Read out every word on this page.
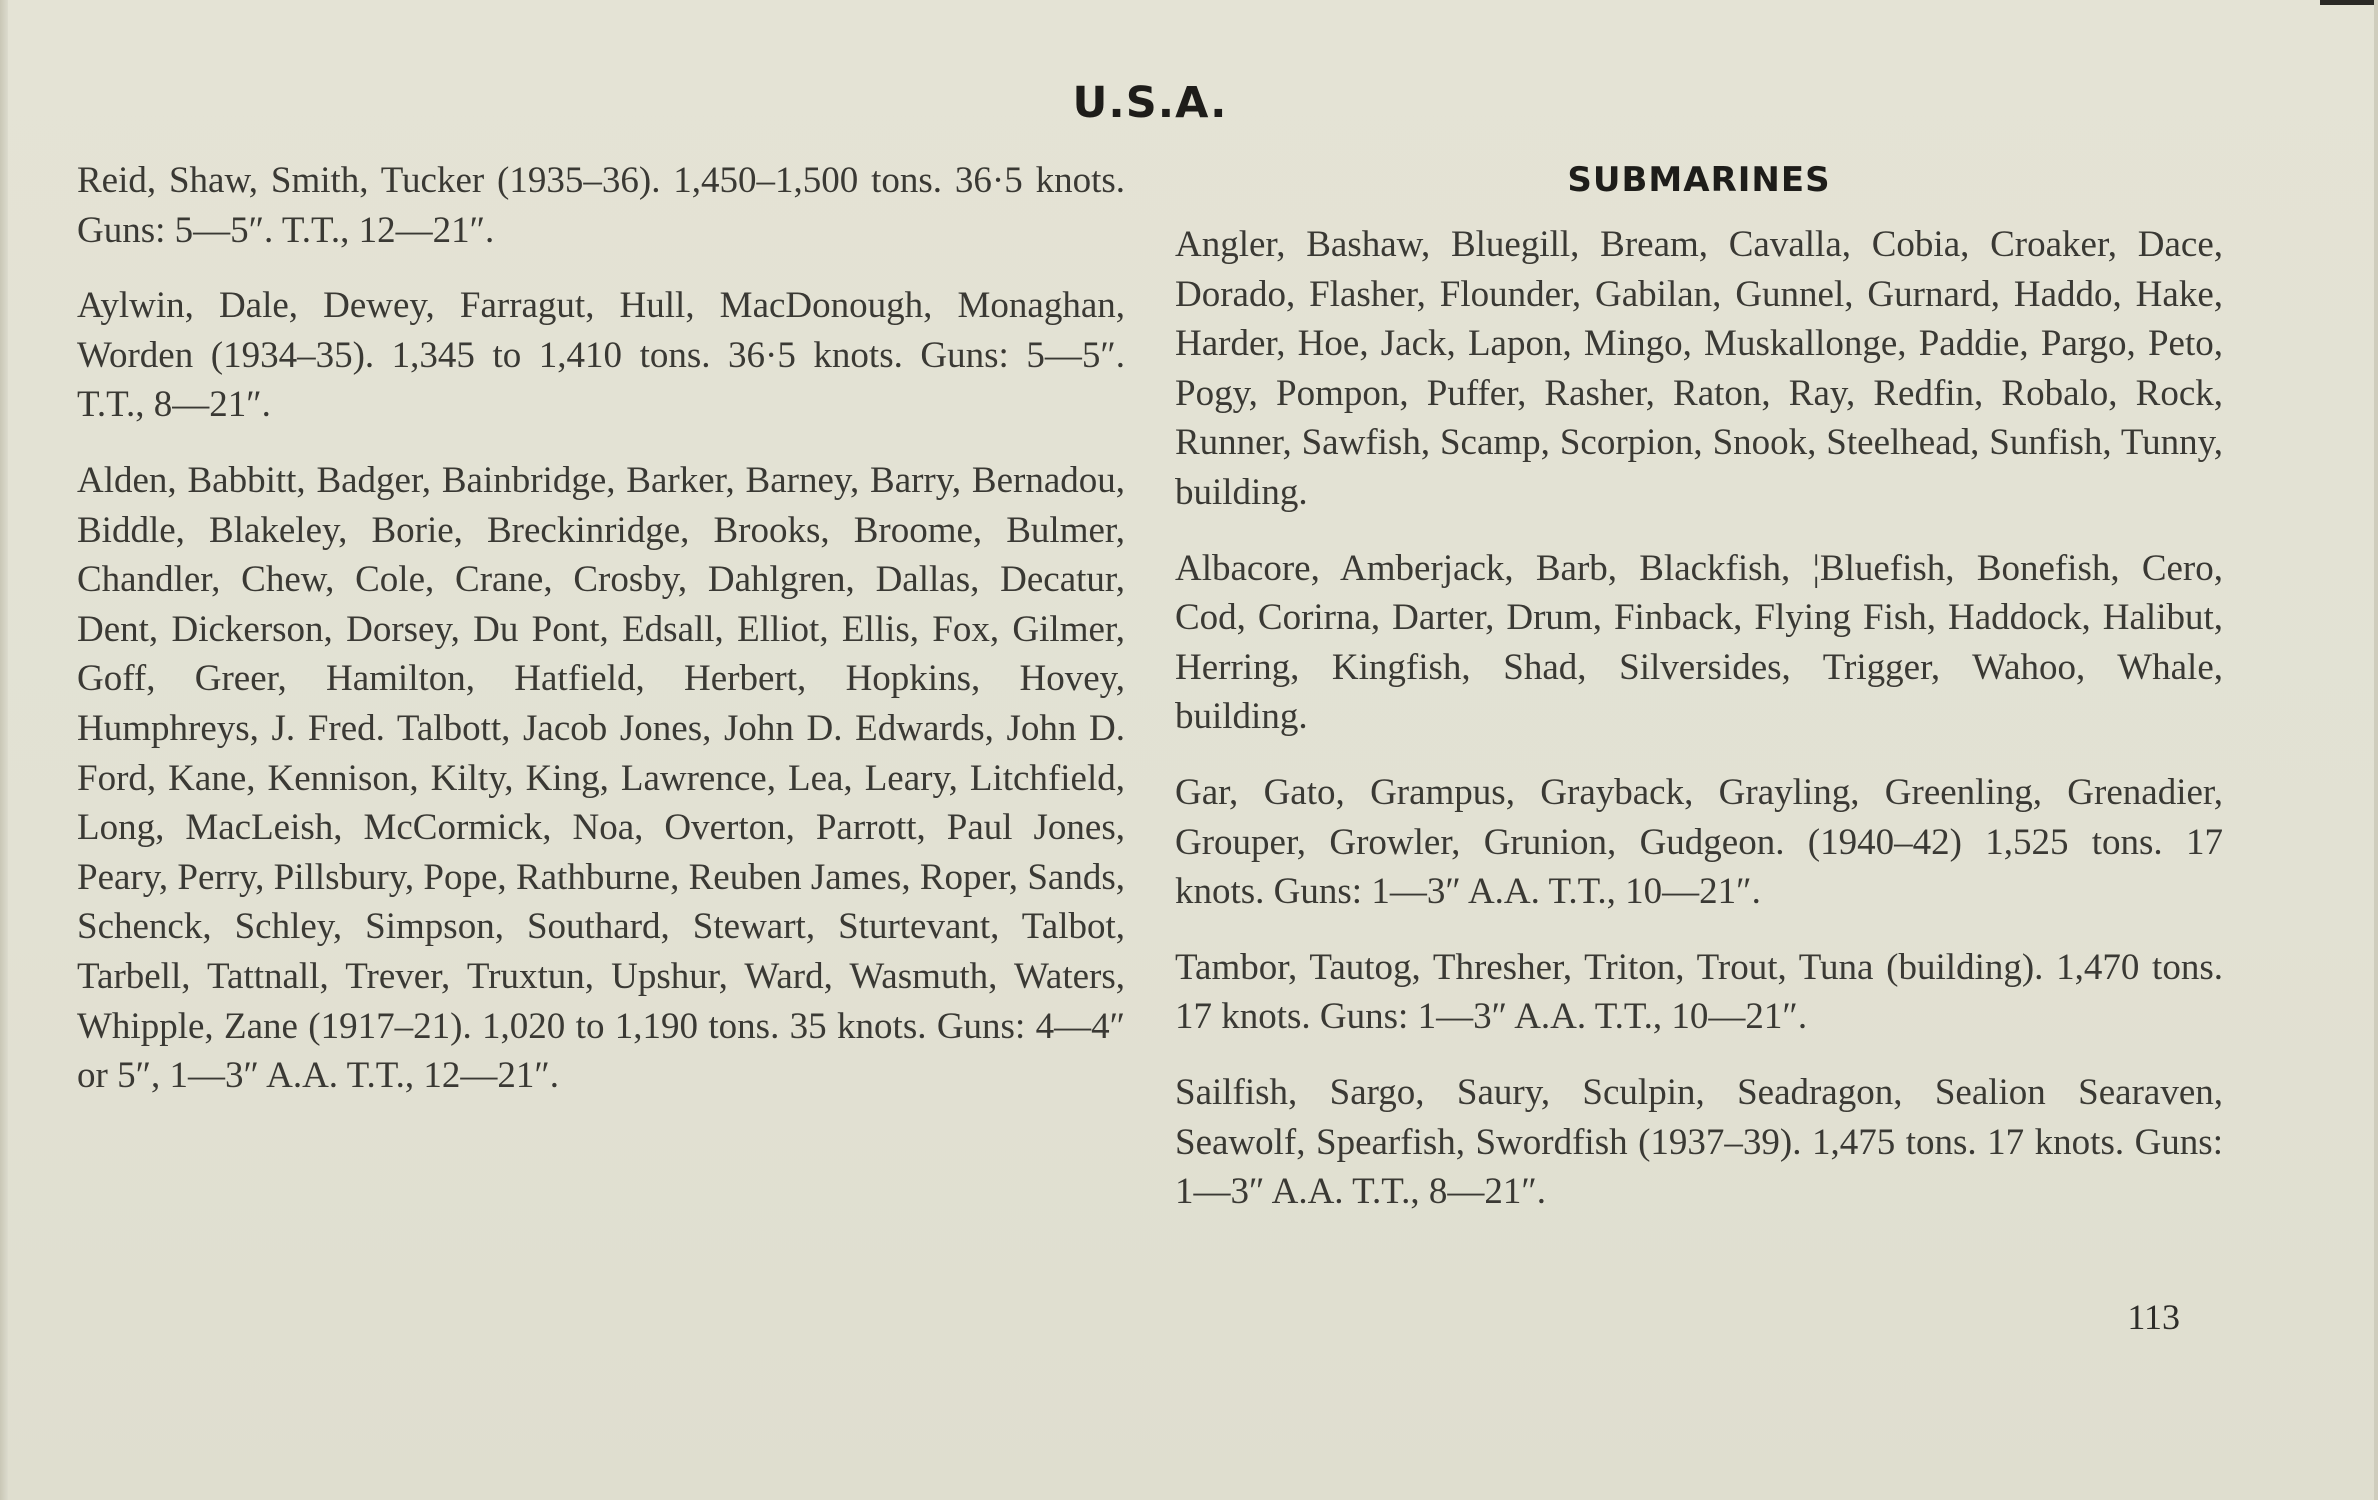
U.S.A.

Reid, Shaw, Smith, Tucker (1935–36). 1,450–1,500 tons. 36·5 knots. Guns: 5—5″. T.T., 12—21″.

Aylwin, Dale, Dewey, Farragut, Hull, MacDonough, Monaghan, Worden (1934–35). 1,345 to 1,410 tons. 36·5 knots. Guns: 5—5″. T.T., 8—21″.

Alden, Babbitt, Badger, Bainbridge, Barker, Barney, Barry, Bernadou, Biddle, Blakeley, Borie, Breckinridge, Brooks, Broome, Bulmer, Chandler, Chew, Cole, Crane, Crosby, Dahlgren, Dallas, Decatur, Dent, Dickerson, Dorsey, Du Pont, Edsall, Elliot, Ellis, Fox, Gilmer, Goff, Greer, Hamilton, Hatfield, Herbert, Hopkins, Hovey, Humphreys, J. Fred. Talbott, Jacob Jones, John D. Edwards, John D. Ford, Kane, Kennison, Kilty, King, Lawrence, Lea, Leary, Litchfield, Long, MacLeish, McCormick, Noa, Overton, Parrott, Paul Jones, Peary, Perry, Pillsbury, Pope, Rathburne, Reuben James, Roper, Sands, Schenck, Schley, Simpson, Southard, Stewart, Sturtevant, Talbot, Tarbell, Tattnall, Trever, Truxtun, Upshur, Ward, Wasmuth, Waters, Whipple, Zane (1917–21). 1,020 to 1,190 tons. 35 knots. Guns: 4—4″ or 5″, 1—3″ A.A. T.T., 12—21″.

SUBMARINES

Angler, Bashaw, Bluegill, Bream, Cavalla, Cobia, Croaker, Dace, Dorado, Flasher, Flounder, Gabilan, Gunnel, Gurnard, Haddo, Hake, Harder, Hoe, Jack, Lapon, Mingo, Muskallonge, Paddie, Pargo, Peto, Pogy, Pompon, Puffer, Rasher, Raton, Ray, Redfin, Robalo, Rock, Runner, Sawfish, Scamp, Scorpion, Snook, Steelhead, Sunfish, Tunny, building.

Albacore, Amberjack, Barb, Blackfish, ¦Bluefish, Bonefish, Cero, Cod, Corirna, Darter, Drum, Finback, Flying Fish, Haddock, Halibut, Herring, Kingfish, Shad, Silversides, Trigger, Wahoo, Whale, building.

Gar, Gato, Grampus, Grayback, Grayling, Greenling, Grenadier, Grouper, Growler, Grunion, Gudgeon. (1940–42) 1,525 tons. 17 knots. Guns: 1—3″ A.A. T.T., 10—21″.

Tambor, Tautog, Thresher, Triton, Trout, Tuna (building). 1,470 tons. 17 knots. Guns: 1—3″ A.A. T.T., 10—21″.

Sailfish, Sargo, Saury, Sculpin, Seadragon, Sealion Searaven, Seawolf, Spearfish, Swordfish (1937–39). 1,475 tons. 17 knots. Guns: 1—3″ A.A. T.T., 8—21″.

113
